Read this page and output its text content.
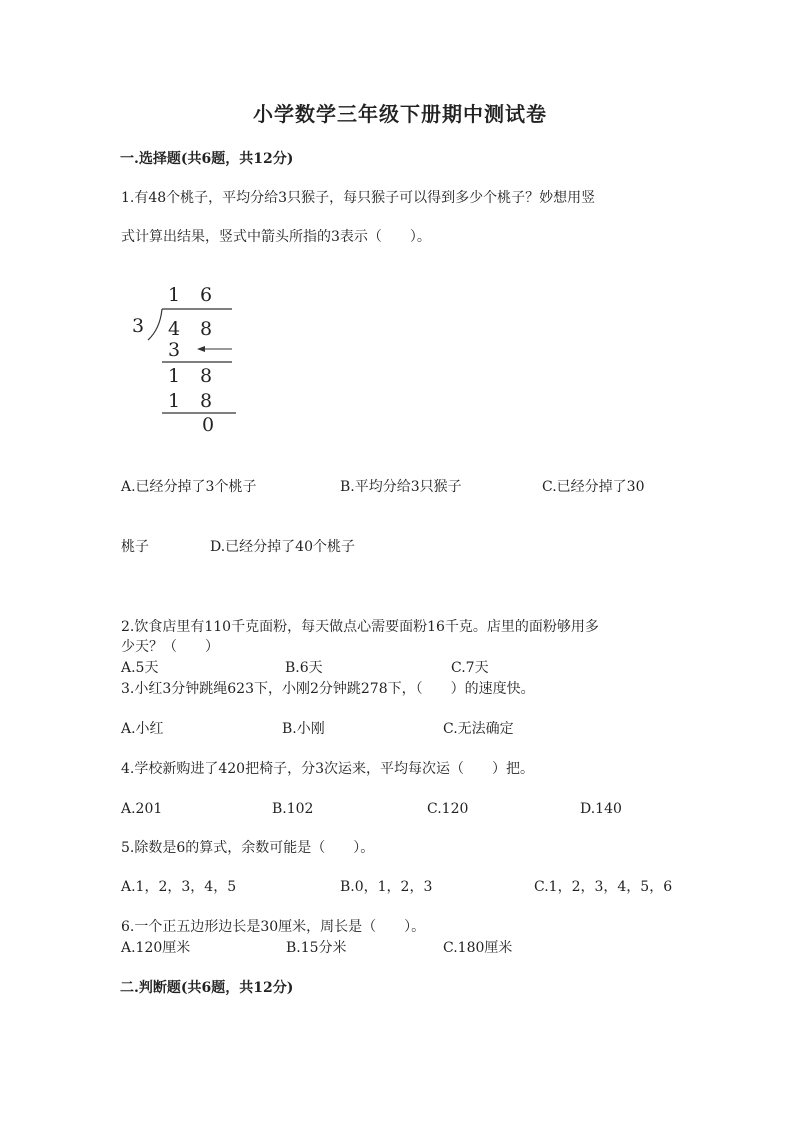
小学数学三年级下册期中测试卷
一.选择题(共6题，共12分)
1.有48个桃子，平均分给3只猴子，每只猴子可以得到多少个桃子？妙想用竖
式计算出结果，竖式中箭头所指的3表示（　　）。
1 6
3 4 8
3
1 8
1 8
0
A.已经分掉了3个桃子	B.平均分给3只猴子	C.已经分掉了30
桃子	D.已经分掉了40个桃子
2.饮食店里有110千克面粉，每天做点心需要面粉16千克。店里的面粉够用多
少天？（　　）
A.5天	B.6天	C.7天
3.小红3分钟跳绳623下，小刚2分钟跳278下，（　　）的速度快。
A.小红	B.小刚	C.无法确定
4.学校新购进了420把椅子，分3次运来，平均每次运（　　）把。
A.201	B.102	C.120	D.140
5.除数是6的算式，余数可能是（　　）。
A.1，2，3，4，5	B.0，1，2，3	C.1，2，3，4，5，6
6.一个正五边形边长是30厘米，周长是（　　）。
A.120厘米	B.15分米	C.180厘米
二.判断题(共6题，共12分)
